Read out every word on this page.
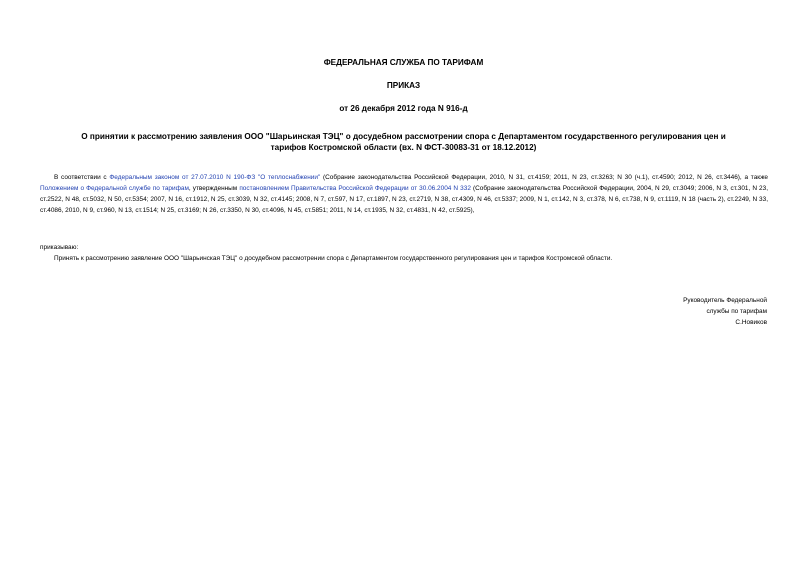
ФЕДЕРАЛЬНАЯ СЛУЖБА ПО ТАРИФАМ
ПРИКАЗ
от 26 декабря 2012 года N 916-д
О принятии к рассмотрению заявления ООО "Шарьинская ТЭЦ" о досудебном рассмотрении спора с Департаментом государственного регулирования цен и
тарифов Костромской области (вх. N ФСТ-30083-31 от 18.12.2012)
В соответствии с Федеральным законом от 27.07.2010 N 190-ФЗ "О теплоснабжении" (Собрание законодательства Российской Федерации, 2010, N 31, ст.4159; 2011, N 23, ст.3263; N 30 (ч.1), ст.4590; 2012, N 26, ст.3446), а также Положением о Федеральной службе по тарифам, утвержденным постановлением Правительства Российской Федерации от 30.06.2004 N 332 (Собрание законодательства Российской Федерации, 2004, N 29, ст.3049; 2006, N 3, ст.301, N 23, ст.2522, N 48, ст.5032, N 50, ст.5354; 2007, N 16, ст.1912, N 25, ст.3039, N 32, ст.4145; 2008, N 7, ст.597, N 17, ст.1897, N 23, ст.2719, N 38, ст.4309, N 46, ст.5337; 2009, N 1, ст.142, N 3, ст.378, N 6, ст.738, N 9, ст.1119, N 18 (часть 2), ст.2249, N 33, ст.4086, 2010, N 9, ст.960, N 13, ст.1514; N 25, ст.3169; N 26, ст.3350, N 30, ст.4096, N 45, ст.5851; 2011, N 14, ст.1935, N 32, ст.4831, N 42, ст.5925),
приказываю:
Принять к рассмотрению заявление ООО "Шарьинская ТЭЦ" о досудебном рассмотрении спора с Департаментом государственного регулирования цен и тарифов Костромской области.
Руководитель Федеральной
службы по тарифам
С.Новиков
